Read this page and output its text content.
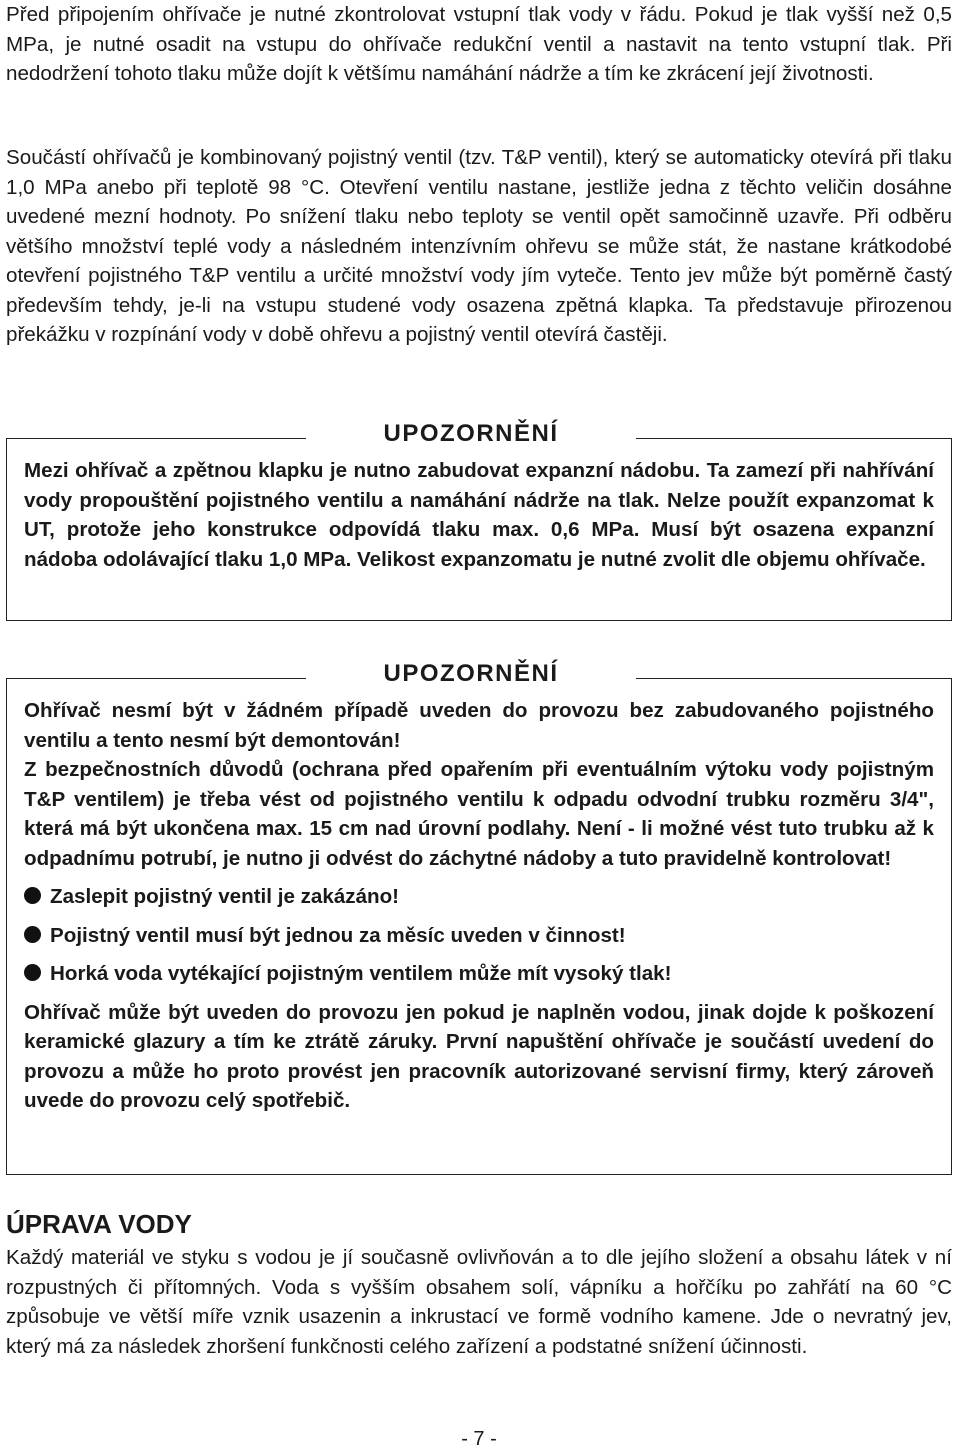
Před připojením ohřívače je nutné zkontrolovat vstupní tlak vody v řádu. Pokud je tlak vyšší než 0,5 MPa, je nutné osadit na vstupu do ohřívače redukční ventil a nastavit na tento vstupní tlak. Při nedodržení tohoto tlaku může dojít k většímu namáhání nádrže a tím ke zkrácení její životnosti.

Součástí ohřívačů je kombinovaný pojistný ventil (tzv. T&P ventil), který se automaticky otevírá při tlaku 1,0 MPa anebo při teplotě 98 °C. Otevření ventilu nastane, jestliže jedna z těchto veličin dosáhne uvedené mezní hodnoty. Po snížení tlaku nebo teploty se ventil opět samočinně uzavře. Při odběru většího množství teplé vody a následném intenzívním ohřevu se může stát, že nastane krátkodobé otevření pojistného T&P ventilu a určité množství vody jím vyteče. Tento jev může být poměrně častý především tehdy, je-li na vstupu studené vody osazena zpětná klapka. Ta představuje přirozenou překážku v rozpínání vody v době ohřevu a pojistný ventil otevírá častěji.

UPOZORNĚNÍ

Mezi ohřívač a zpětnou klapku je nutno zabudovat expanzní nádobu. Ta zamezí při nahřívání vody propouštění pojistného ventilu a namáhání nádrže na tlak. Nelze použít expanzomat k UT, protože jeho konstrukce odpovídá tlaku max. 0,6 MPa. Musí být osazena expanzní nádoba odolávající tlaku 1,0 MPa. Velikost expanzomatu je nutné zvolit dle objemu ohřívače.

UPOZORNĚNÍ

Ohřívač nesmí být v žádném případě uveden do provozu bez zabudovaného pojistného ventilu a tento nesmí být demontován!

Z bezpečnostních důvodů (ochrana před opařením při eventuálním výtoku vody pojistným T&P ventilem) je třeba vést od pojistného ventilu k odpadu odvodní trubku rozměru 3/4", která má být ukončena max. 15 cm nad úrovní podlahy. Není - li možné vést tuto trubku až k odpadnímu potrubí, je nutno ji odvést do záchytné nádoby a tuto pravidelně kontrolovat!

Zaslepit pojistný ventil je zakázáno!

Pojistný ventil musí být jednou za měsíc uveden v činnost!

Horká voda vytékající pojistným ventilem může mít vysoký tlak!

Ohřívač může být uveden do provozu jen pokud je naplněn vodou, jinak dojde k poškození keramické glazury a tím ke ztrátě záruky. První napuštění ohřívače je součástí uvedení do provozu a může ho proto provést jen pracovník autorizované servisní firmy, který zároveň uvede do provozu celý spotřebič.

ÚPRAVA VODY

Každý materiál ve styku s vodou je jí současně ovlivňován a to dle jejího složení a obsahu látek v ní rozpustných či přítomných. Voda s vyšším obsahem solí, vápníku a hořčíku po zahřátí na 60 °C způsobuje ve větší míře vznik usazenin a inkrustací ve formě vodního kamene. Jde o nevratný jev, který má za následek zhoršení funkčnosti celého zařízení a podstatné snížení účinnosti.

- 7 -
